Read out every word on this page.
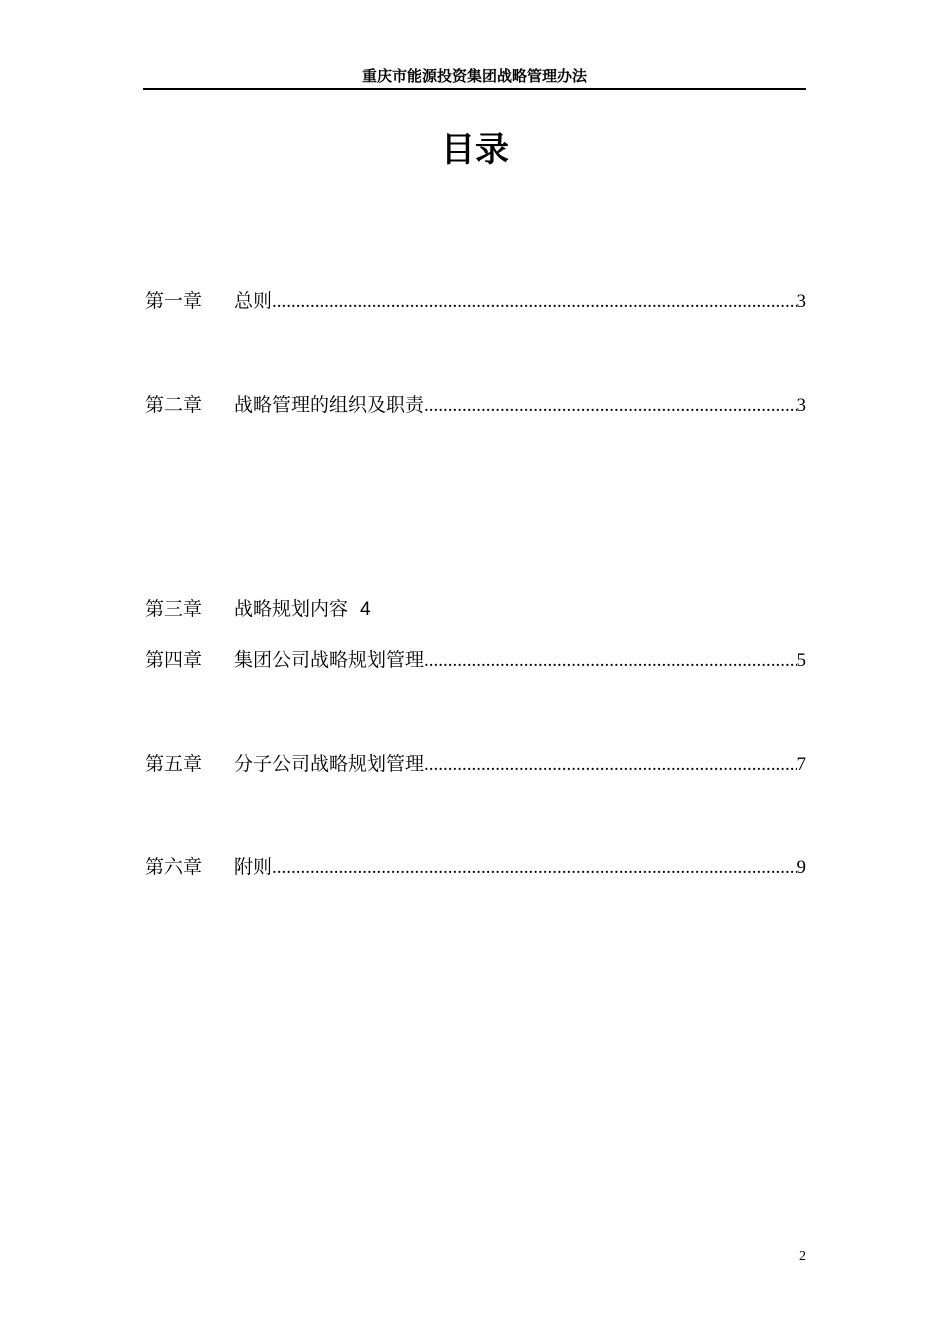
重庆市能源投资集团战略管理办法
目录
第一章	总则 .....	3
第二章	战略管理的组织及职责 .....	3
第三章	战略规划内容 4
第四章	集团公司战略规划管理 .....	5
第五章	分子公司战略规划管理 .....	7
第六章	附则 .....	9
2
